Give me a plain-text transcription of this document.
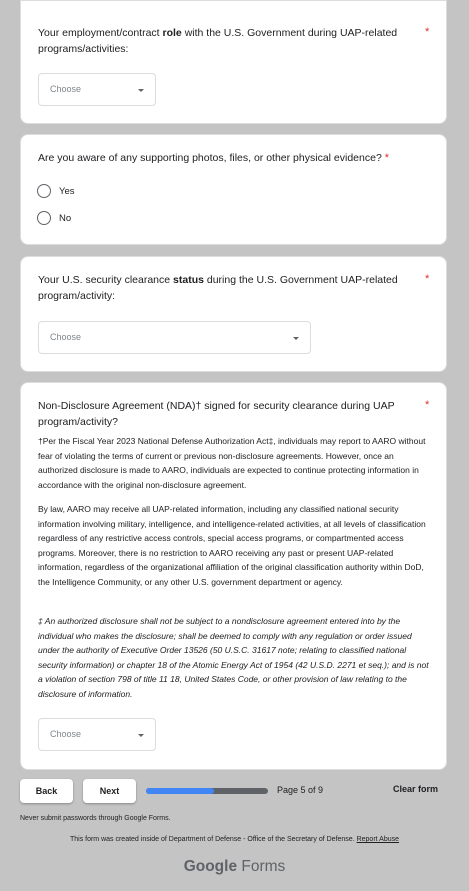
Your employment/contract role with the U.S. Government during UAP-related programs/activities:
*
Choose
Are you aware of any supporting photos, files, or other physical evidence? *
Yes
No
Your U.S. security clearance status during the U.S. Government UAP-related program/activity:
*
Choose
Non-Disclosure Agreement (NDA)† signed for security clearance during UAP program/activity?
*
†Per the Fiscal Year 2023 National Defense Authorization Act‡, individuals may report to AARO without fear of violating the terms of current or previous non-disclosure agreements. However, once an authorized disclosure is made to AARO, individuals are expected to continue protecting information in accordance with the original non-disclosure agreement.
By law, AARO may receive all UAP-related information, including any classified national security information involving military, intelligence, and intelligence-related activities, at all levels of classification regardless of any restrictive access controls, special access programs, or compartmented access programs. Moreover, there is no restriction to AARO receiving any past or present UAP-related information, regardless of the organizational affiliation of the original classification authority within DoD, the Intelligence Community, or any other U.S. government department or agency.
‡ An authorized disclosure shall not be subject to a nondisclosure agreement entered into by the individual who makes the disclosure; shall be deemed to comply with any regulation or order issued under the authority of Executive Order 13526 (50 U.S.C. 31617 note; relating to classified national security information) or chapter 18 of the Atomic Energy Act of 1954 (42 U.S.D. 2271 et seq.); and is not a violation of section 798 of title 11 18, United States Code, or other provision of law relating to the disclosure of information.
Choose
Back	Next	Page 5 of 9	Clear form
Never submit passwords through Google Forms.
This form was created inside of Department of Defense - Office of the Secretary of Defense. Report Abuse
Google Forms
